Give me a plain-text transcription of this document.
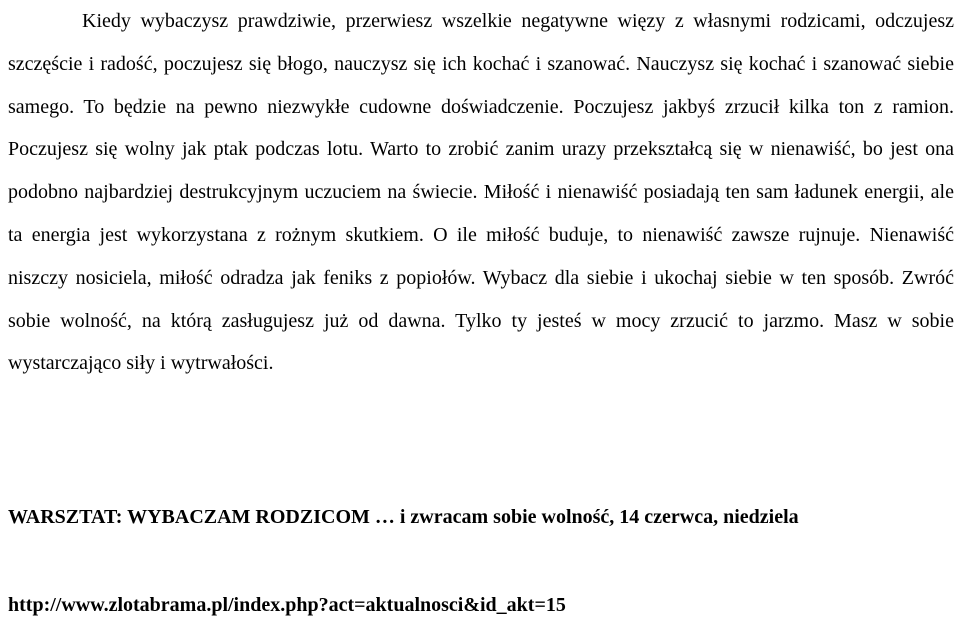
Kiedy wybaczysz prawdziwie, przerwiesz wszelkie negatywne więzy z własnymi rodzicami, odczujesz szczęście i radość, poczujesz się błogo, nauczysz się ich kochać i szanować. Nauczysz się kochać i szanować siebie samego. To będzie na pewno niezwykłe cudowne doświadczenie. Poczujesz jakbyś zrzucił kilka ton z ramion. Poczujesz się wolny jak ptak podczas lotu. Warto to zrobić zanim urazy przekształcą się w nienawiść, bo jest ona podobno najbardziej destrukcyjnym uczuciem na świecie. Miłość i nienawiść posiadają ten sam ładunek energii, ale ta energia jest wykorzystana z rożnym skutkiem. O ile miłość buduje, to nienawiść zawsze rujnuje. Nienawiść niszczy nosiciela, miłość odradza jak feniks z popiołów. Wybacz dla siebie i ukochaj siebie w ten sposób. Zwróć sobie wolność, na którą zasługujesz już od dawna. Tylko ty jesteś w mocy zrzucić to jarzmo. Masz w sobie wystarczająco siły i wytrwałości.

WARSZTAT: WYBACZAM RODZICOM … i zwracam sobie wolność, 14 czerwca, niedziela

http://www.zlotabrama.pl/index.php?act=aktualnosci&id_akt=15
